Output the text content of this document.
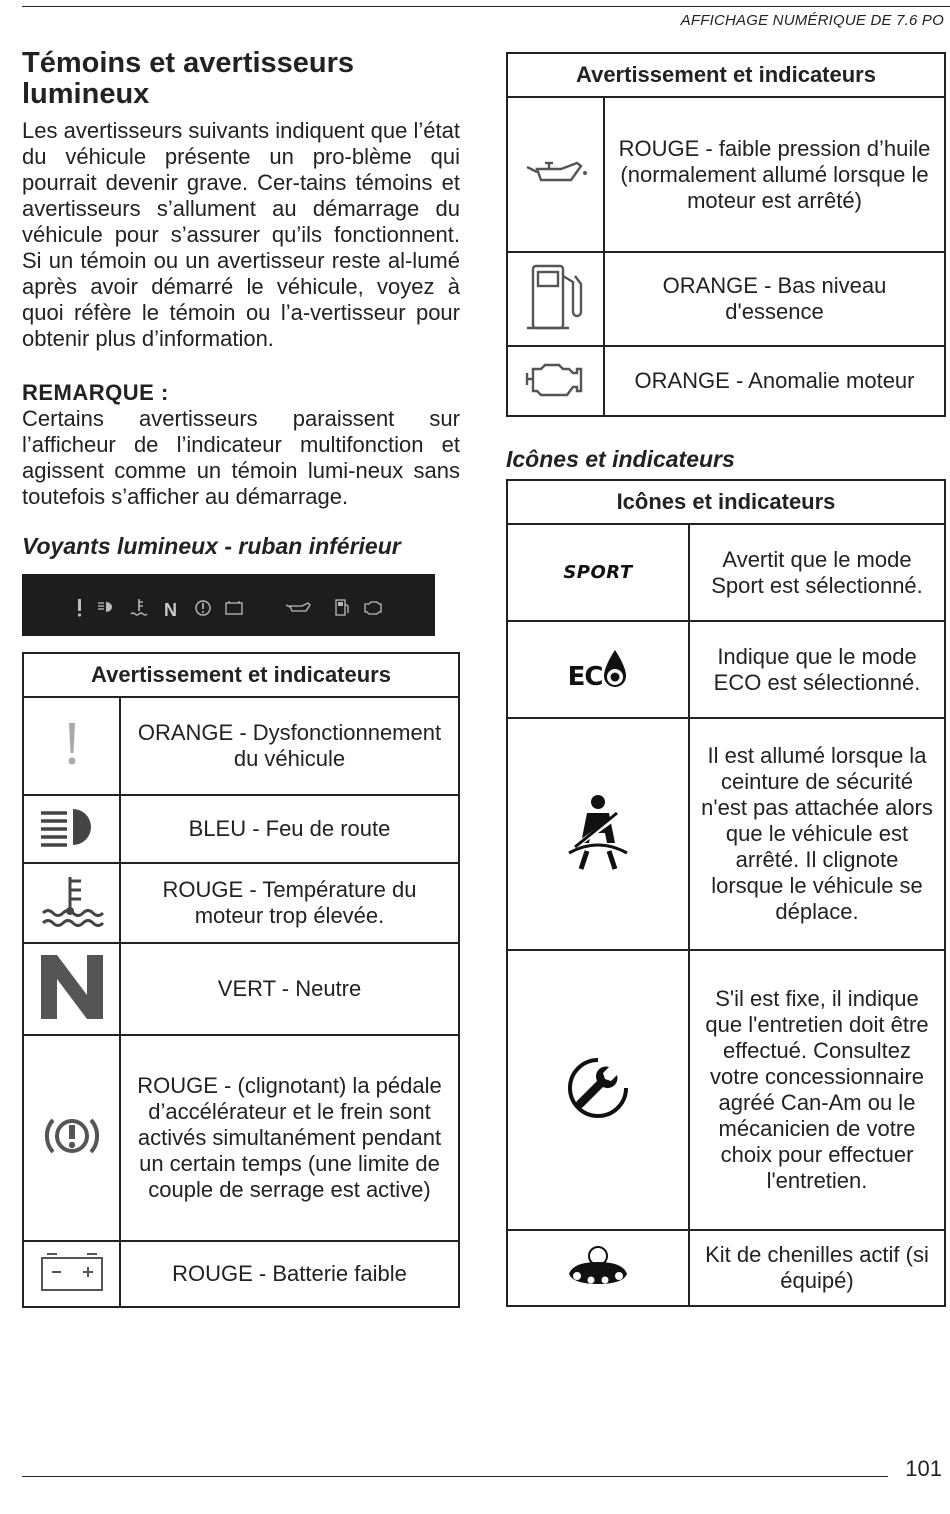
AFFICHAGE NUMÉRIQUE DE 7.6 PO
Témoins et avertisseurs lumineux

Les avertisseurs suivants indiquent que l’état du véhicule présente un pro-blème qui pourrait devenir grave. Cer-tains témoins et avertisseurs s’allument au démarrage du véhicule pour s’assurer qu’ils fonctionnent. Si un témoin ou un avertisseur reste al-lumé après avoir démarré le véhicule, voyez à quoi réfère le témoin ou l’a-vertisseur pour obtenir plus d’information.

REMARQUE :

Certains avertisseurs paraissent sur l’afficheur de l’indicateur multifonction et agissent comme un témoin lumi-neux sans toutefois s’afficher au démarrage.

Voyants lumineux - ruban inférieur
N
Avertissement et indicateurs	
	ORANGE - Dysfonctionnement du véhicule
	BLEU - Feu de route
	ROUGE - Température du moteur trop élevée.
	VERT - Neutre
	ROUGE - (clignotant) la pédale d’accélérateur et le frein sont activés simultanément pendant un certain temps (une limite de couple de serrage est active)
	ROUGE - Batterie faible
Avertissement et indicateurs	
	ROUGE - faible pression d’huile (normalement allumé lorsque le moteur est arrêté)
	ORANGE - Bas niveau d'essence
	ORANGE - Anomalie moteur
Icônes et indicateurs
Icônes et indicateurs	
SPORT	Avertit que le mode Sport est sélectionné.

EC	Indique que le mode ECO est sélectionné.
	Il est allumé lorsque la ceinture de sécurité n'est pas attachée alors que le véhicule est arrêté. Il clignote lorsque le véhicule se déplace.
	S'il est fixe, il indique que l'entretien doit être effectué. Consultez votre concessionnaire agréé Can-Am ou le mécanicien de votre choix pour effectuer l'entretien.
	Kit de chenilles actif (si équipé)
101
